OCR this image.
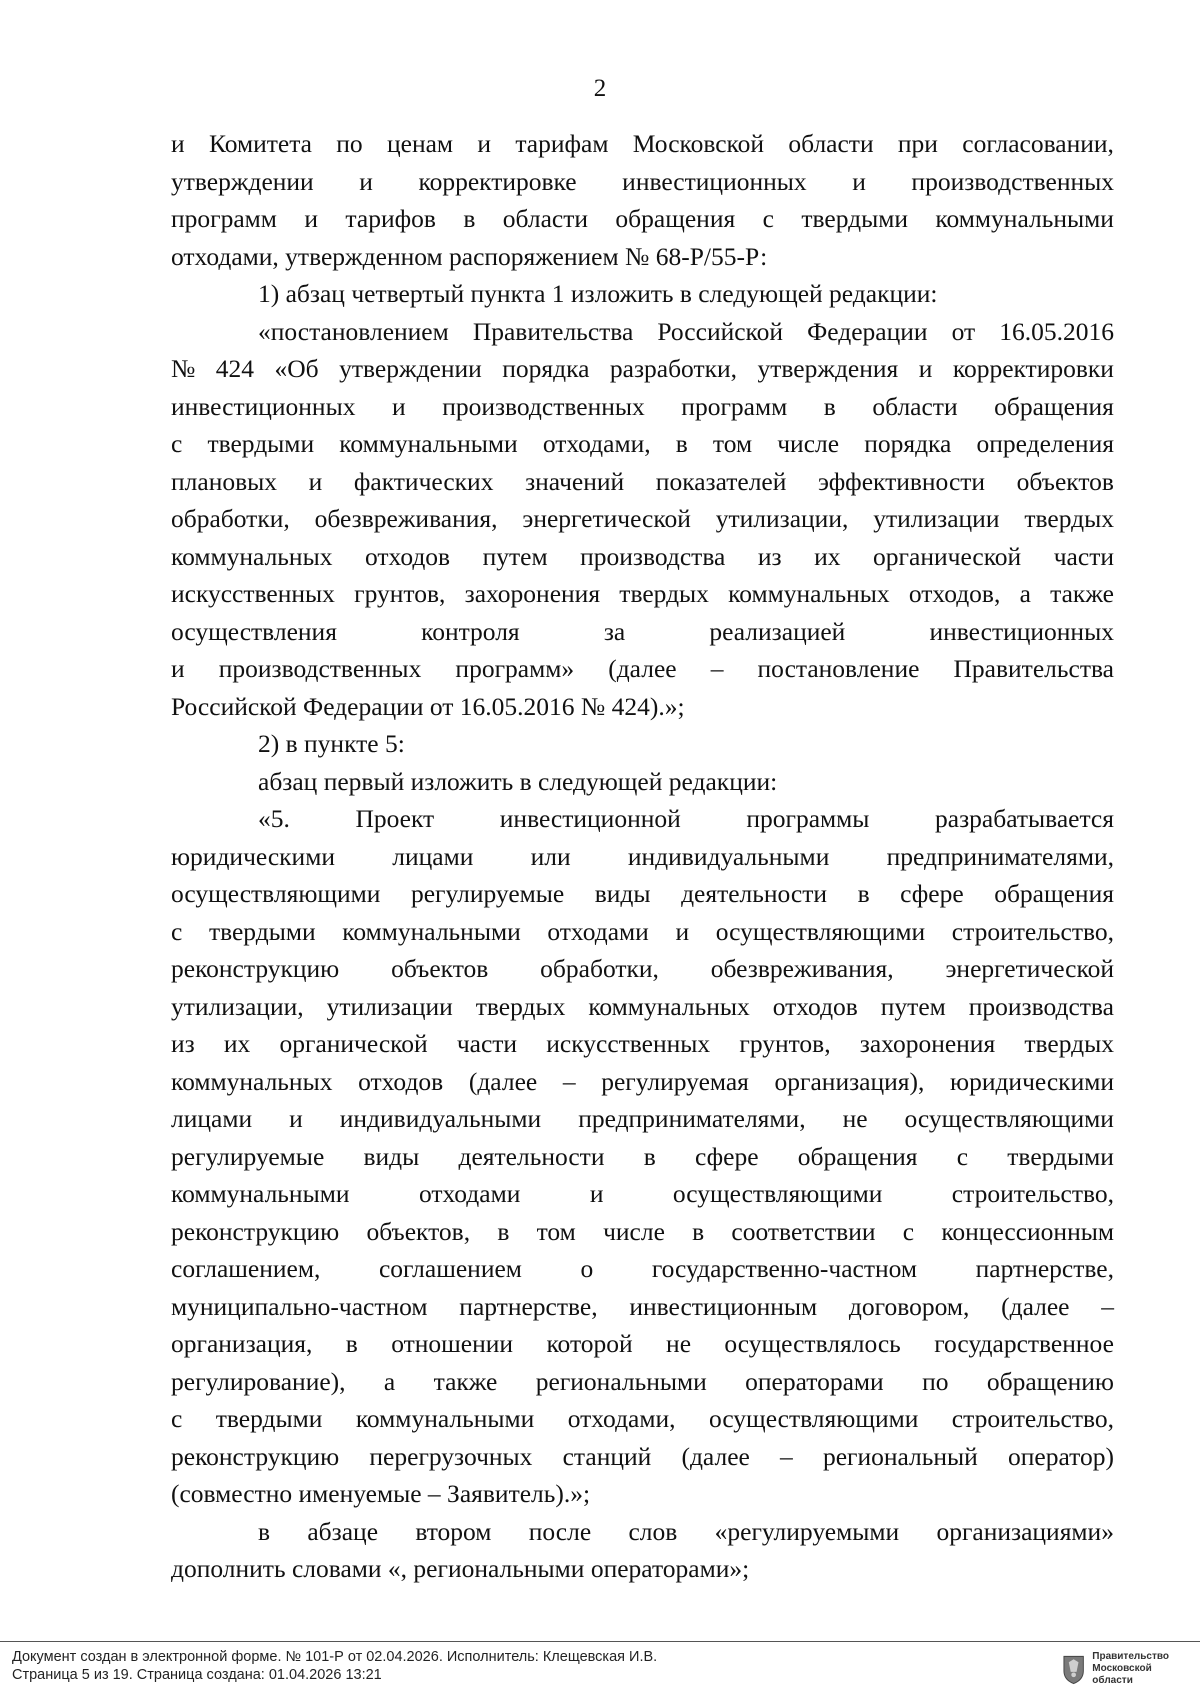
2
и Комитета по ценам и тарифам Московской области при согласовании,
утверждении и корректировке инвестиционных и производственных
программ и тарифов в области обращения с твердыми коммунальными
отходами, утвержденном распоряжением № 68-Р/55-Р:
1) абзац четвертый пункта 1 изложить в следующей редакции:
«постановлением Правительства Российской Федерации от 16.05.2016
№ 424 «Об утверждении порядка разработки, утверждения и корректировки
инвестиционных и производственных программ в области обращения
с твердыми коммунальными отходами, в том числе порядка определения
плановых и фактических значений показателей эффективности объектов
обработки, обезвреживания, энергетической утилизации, утилизации твердых
коммунальных отходов путем производства из их органической части
искусственных грунтов, захоронения твердых коммунальных отходов, а также
осуществления	контроля	за	реализацией	инвестиционных
и производственных программ» (далее – постановление Правительства
Российской Федерации от 16.05.2016 № 424).»;
2) в пункте 5:
абзац первый изложить в следующей редакции:
«5.	Проект	инвестиционной	программы	разрабатывается
юридическими лицами или индивидуальными предпринимателями,
осуществляющими регулируемые виды деятельности в сфере обращения
с твердыми коммунальными отходами и осуществляющими строительство,
реконструкцию объектов обработки, обезвреживания, энергетической
утилизации, утилизации твердых коммунальных отходов путем производства
из их органической части искусственных грунтов, захоронения твердых
коммунальных отходов (далее – регулируемая организация), юридическими
лицами и индивидуальными предпринимателями, не осуществляющими
регулируемые виды деятельности в сфере обращения с твердыми
коммунальными	отходами	и	осуществляющими	строительство,
реконструкцию объектов, в том числе в соответствии с концессионным
соглашением, соглашением о государственно-частном партнерстве,
муниципально-частном партнерстве, инвестиционным договором, (далее –
организация, в отношении которой не осуществлялось государственное
регулирование), а также региональными операторами по обращению
с твердыми коммунальными отходами, осуществляющими строительство,
реконструкцию перегрузочных станций (далее – региональный оператор)
(совместно именуемые – Заявитель).»;
в абзаце втором после слов «регулируемыми организациями»
дополнить словами «, региональными операторами»;
Документ создан в электронной форме. № 101-Р от 02.04.2026. Исполнитель: Клещевская И.В.
Страница 5 из 19. Страница создана: 01.04.2026 13:21
Правительство
Московской области
